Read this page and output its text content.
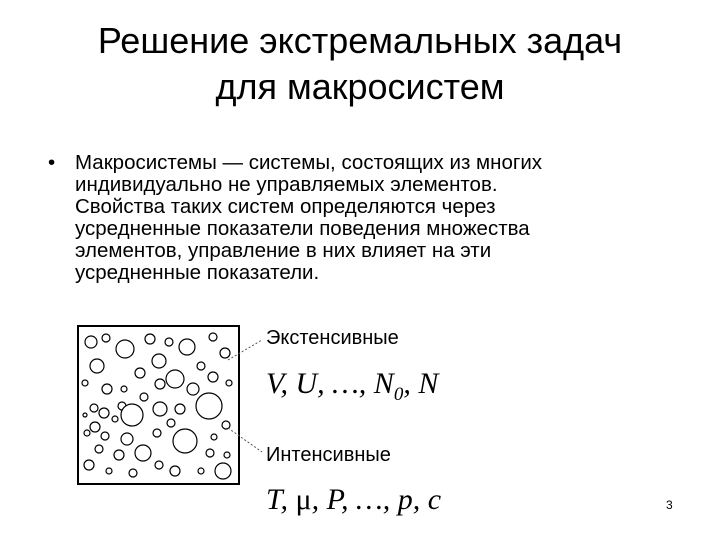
Решение экстремальных задач
для макросистем
• Макросистемы — системы, состоящих из многих
индивидуально не управляемых элементов.
Свойства таких систем определяются через
усредненные показатели поведения множества
элементов, управление в них влияет на эти
усредненные показатели.
Экстенсивные
V, U, …, $N_0$, N
Интенсивные
T, μ, P, …, p, c	3
